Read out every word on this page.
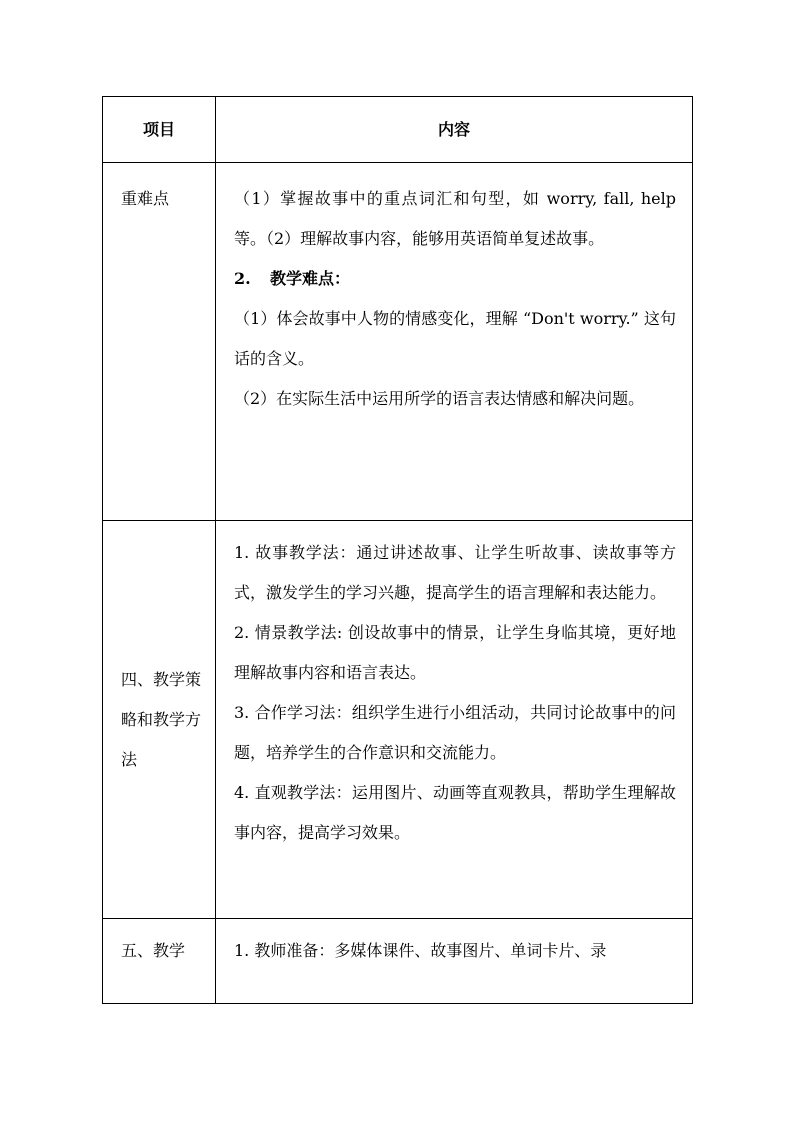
项目	内容
重难点	（1）掌握故事中的重点词汇和句型，如 worry, fall, help 等。（2）理解故事内容，能够用英语简单复述故事。

2. 教学难点：

（1）体会故事中人物的情感变化，理解 “Don't worry.” 这句话的含义。

（2）在实际生活中运用所学的语言表达情感和解决问题。

四、教学策略和教学方法	1. 故事教学法：通过讲述故事、让学生听故事、读故事等方式，激发学生的学习兴趣，提高学生的语言理解和表达能力。

2. 情景教学法: 创设故事中的情景，让学生身临其境，更好地理解故事内容和语言表达。

3. 合作学习法：组织学生进行小组活动，共同讨论故事中的问题，培养学生的合作意识和交流能力。

4. 直观教学法：运用图片、动画等直观教具，帮助学生理解故事内容，提高学习效果。

五、教学	1. 教师准备：多媒体课件、故事图片、单词卡片、录
